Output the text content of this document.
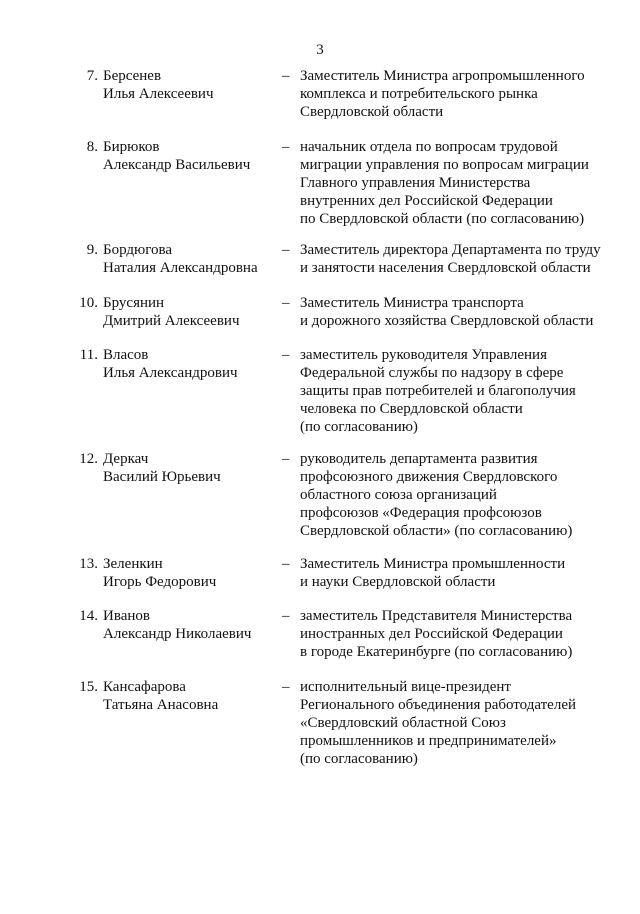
3
7. Берсенев
Илья Алексеевич
– Заместитель Министра агропромышленного
комплекса и потребительского рынка
Свердловской области
8. Бирюков
Александр Васильевич
– начальник отдела по вопросам трудовой
миграции управления по вопросам миграции
Главного управления Министерства
внутренних дел Российской Федерации
по Свердловской области (по согласованию)
9. Бордюгова
Наталия Александровна
– Заместитель директора Департамента по труду
и занятости населения Свердловской области
10. Брусянин
Дмитрий Алексеевич
– Заместитель Министра транспорта
и дорожного хозяйства Свердловской области
11. Власов
Илья Александрович
– заместитель руководителя Управления
Федеральной службы по надзору в сфере
защиты прав потребителей и благополучия
человека по Свердловской области
(по согласованию)
12. Деркач
Василий Юрьевич
– руководитель департамента развития
профсоюзного движения Свердловского
областного союза организаций
профсоюзов «Федерация профсоюзов
Свердловской области» (по согласованию)
13. Зеленкин
Игорь Федорович
– Заместитель Министра промышленности
и науки Свердловской области
14. Иванов
Александр Николаевич
– заместитель Представителя Министерства
иностранных дел Российской Федерации
в городе Екатеринбурге (по согласованию)
15. Кансафарова
Татьяна Анасовна
– исполнительный вице-президент
Регионального объединения работодателей
«Свердловский областной Союз
промышленников и предпринимателей»
(по согласованию)
